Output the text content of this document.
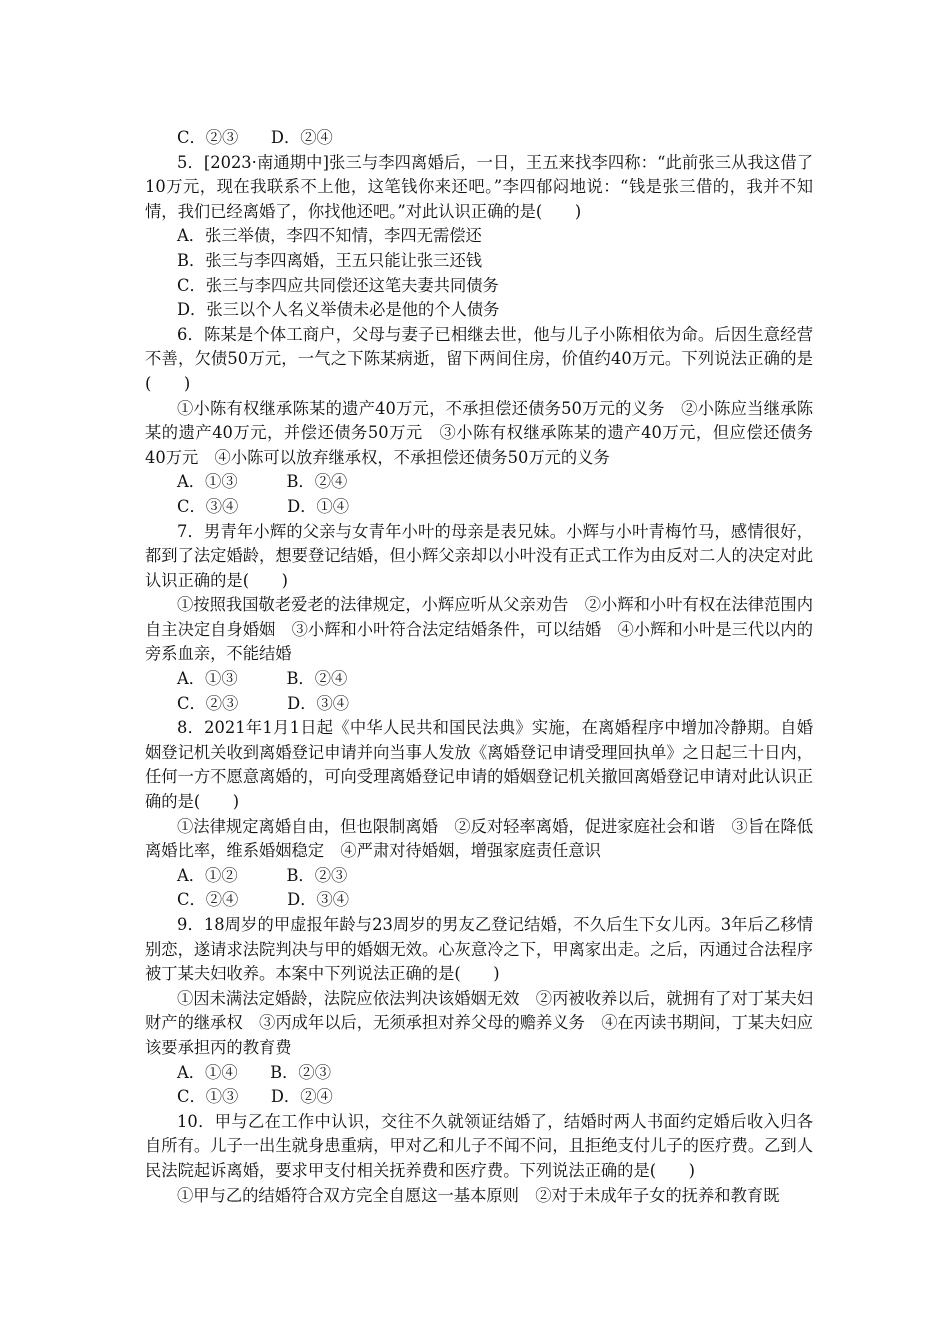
C．②③　　 D．②④

5．[2023·南通期中]张三与李四离婚后，一日，王五来找李四称：“此前张三从我这借了10万元，现在我联系不上他，这笔钱你来还吧。”李四郁闷地说：“钱是张三借的，我并不知情，我们已经离婚了，你找他还吧。”对此认识正确的是(　　)

A．张三举债，李四不知情，李四无需偿还

B．张三与李四离婚，王五只能让张三还钱

C．张三与李四应共同偿还这笔夫妻共同债务

D．张三以个人名义举债未必是他的个人债务

6．陈某是个体工商户，父母与妻子已相继去世，他与儿子小陈相依为命。后因生意经营不善，欠债50万元，一气之下陈某病逝，留下两间住房，价值约40万元。下列说法正确的是(　　)

①小陈有权继承陈某的遗产40万元，不承担偿还债务50万元的义务　②小陈应当继承陈某的遗产40万元，并偿还债务50万元　③小陈有权继承陈某的遗产40万元，但应偿还债务40万元　④小陈可以放弃继承权，不承担偿还债务50万元的义务

A．①③　　　B．②④

C．③④　　　D．①④

7．男青年小辉的父亲与女青年小叶的母亲是表兄妹。小辉与小叶青梅竹马，感情很好，都到了法定婚龄，想要登记结婚，但小辉父亲却以小叶没有正式工作为由反对二人的决定对此认识正确的是(　　)

①按照我国敬老爱老的法律规定，小辉应听从父亲劝告　②小辉和小叶有权在法律范围内自主决定自身婚姻　③小辉和小叶符合法定结婚条件，可以结婚　④小辉和小叶是三代以内的旁系血亲，不能结婚

A．①③　　　B．②④

C．②③　　　D．③④

8．2021年1月1日起《中华人民共和国民法典》实施，在离婚程序中增加冷静期。自婚姻登记机关收到离婚登记申请并向当事人发放《离婚登记申请受理回执单》之日起三十日内，任何一方不愿意离婚的，可向受理离婚登记申请的婚姻登记机关撤回离婚登记申请对此认识正确的是(　　)

①法律规定离婚自由，但也限制离婚　②反对轻率离婚，促进家庭社会和谐　③旨在降低离婚比率，维系婚姻稳定　④严肃对待婚姻，增强家庭责任意识

A．①②　　　B．②③

C．②④　　　D．③④

9．18周岁的甲虚报年龄与23周岁的男友乙登记结婚，不久后生下女儿丙。3年后乙移情别恋，遂请求法院判决与甲的婚姻无效。心灰意冷之下，甲离家出走。之后，丙通过合法程序被丁某夫妇收养。本案中下列说法正确的是(　　)

①因未满法定婚龄，法院应依法判决该婚姻无效　②丙被收养以后，就拥有了对丁某夫妇财产的继承权　③丙成年以后，无须承担对养父母的赡养义务　④在丙读书期间，丁某夫妇应该要承担丙的教育费

A．①④　　B．②③

C．①③　　D．②④

10．甲与乙在工作中认识，交往不久就领证结婚了，结婚时两人书面约定婚后收入归各自所有。儿子一出生就身患重病，甲对乙和儿子不闻不问，且拒绝支付儿子的医疗费。乙到人民法院起诉离婚，要求甲支付相关抚养费和医疗费。下列说法正确的是(　　)

①甲与乙的结婚符合双方完全自愿这一基本原则　②对于未成年子女的抚养和教育既
